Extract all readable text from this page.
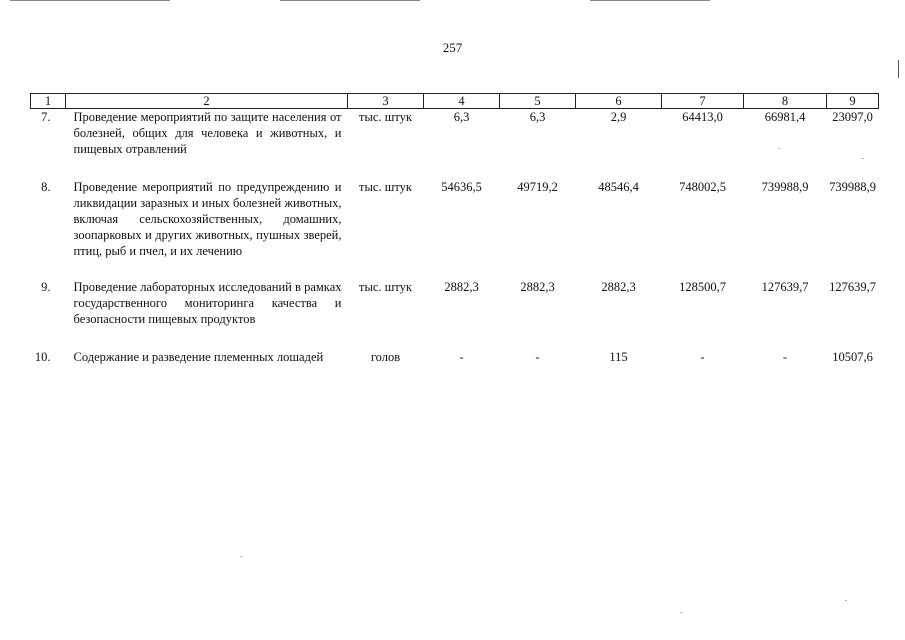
257
1	2	3	4	5	6	7	8	9
7.	Проведение мероприятий по защите населения от болезней, общих для человека и животных, и пищевых отравлений	тыс. штук	6,3	6,3	2,9	64413,0	66981,4	23097,0
8.	Проведение мероприятий по предупреждению и ликвидации заразных и иных болезней животных, включая сельскохозяйственных, домашних, зоопарковых и других животных, пушных зверей, птиц, рыб и пчел, и их лечению	тыс. штук	54636,5	49719,2	48546,4	748002,5	739988,9	739988,9
9.	Проведение лабораторных исследований в рамках государственного мониторинга качества и безопасности пищевых продуктов	тыс. штук	2882,3	2882,3	2882,3	128500,7	127639,7	127639,7
10.	Содержание и разведение племенных лошадей	голов	-	-	115	-	-	10507,6
